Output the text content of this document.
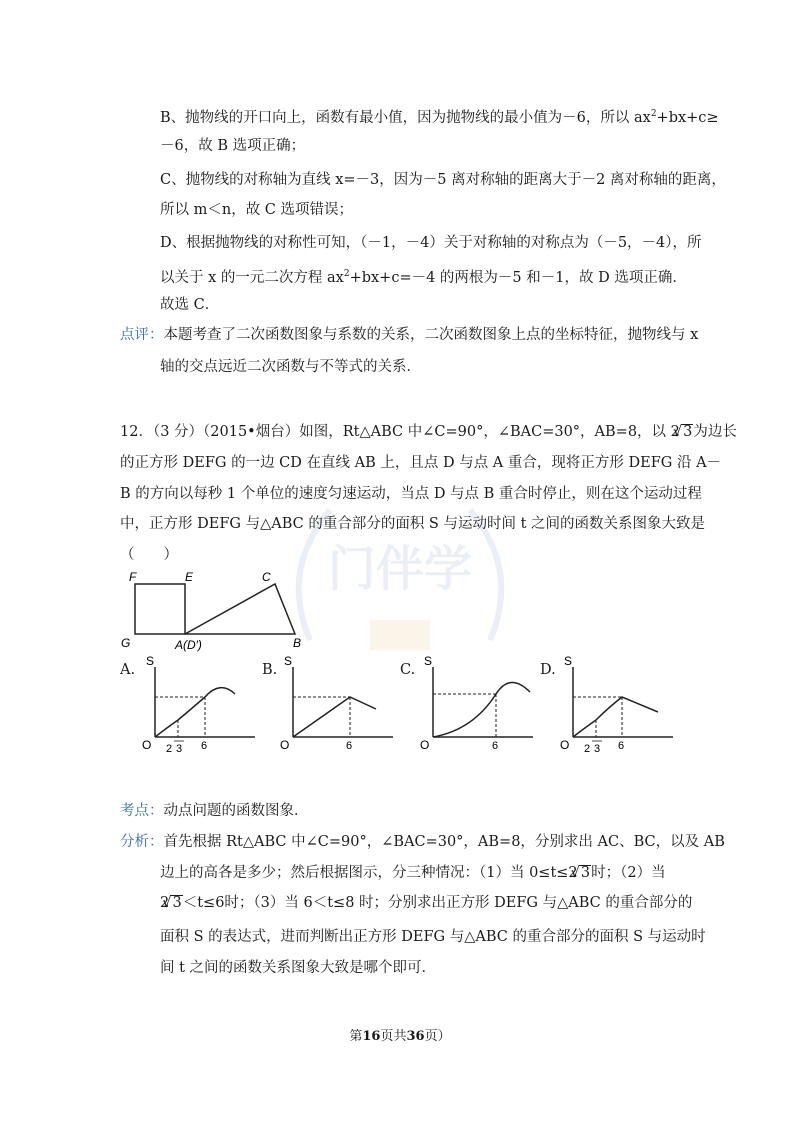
门伴学
B、抛物线的开口向上，函数有最小值，因为抛物线的最小值为－6，所以 $ax^2+bx+c\ge$
－6，故 B 选项正确；
C、抛物线的对称轴为直线 x=－3，因为－5 离对称轴的距离大于－2 离对称轴的距离，
所以 m＜n，故 C 选项错误；
D、根据抛物线的对称性可知，（－1，－4）关于对称轴的对称点为（－5，－4），所
以关于 x 的一元二次方程 $ax^2+bx+c=-4$ 的两根为－5 和－1，故 D 选项正确．
故选 C．
点评：本题考查了二次函数图象与系数的关系，二次函数图象上点的坐标特征，抛物线与 x
轴的交点远近二次函数与不等式的关系．
12．（3 分）（2015•烟台）如图，Rt△ABC 中∠C=90°，∠BAC=30°，AB=8，以 2 √ 3为边长
的正方形 DEFG 的一边 CD 在直线 AB 上，且点 D 与点 A 重合，现将正方形 DEFG 沿 A－
B 的方向以每秒 1 个单位的速度匀速运动，当点 D 与点 B 重合时停止，则在这个运动过程
中，正方形 DEFG 与△ABC 的重合部分的面积 S 与运动时间 t 之间的函数关系图象大致是
（　　）
F	E	C
G	A(D′)	B
A.
S
O 2 3 6
B.
S
O	6
C.
S
O	6
D.
S
O 2 3 6
考点：动点问题的函数图象．
分析：首先根据 Rt△ABC 中∠C=90°，∠BAC=30°，AB=8，分别求出 AC、BC，以及 AB
边上的高各是多少；然后根据图示，分三种情况：（1）当 0≤t≤2 √ 3时；（2）当
2 √ 3＜t≤6时；（3）当 6＜t≤8 时；分别求出正方形 DEFG 与△ABC 的重合部分的
面积 S 的表达式，进而判断出正方形 DEFG 与△ABC 的重合部分的面积 S 与运动时
间 t 之间的函数关系图象大致是哪个即可．
第16页共36页）
